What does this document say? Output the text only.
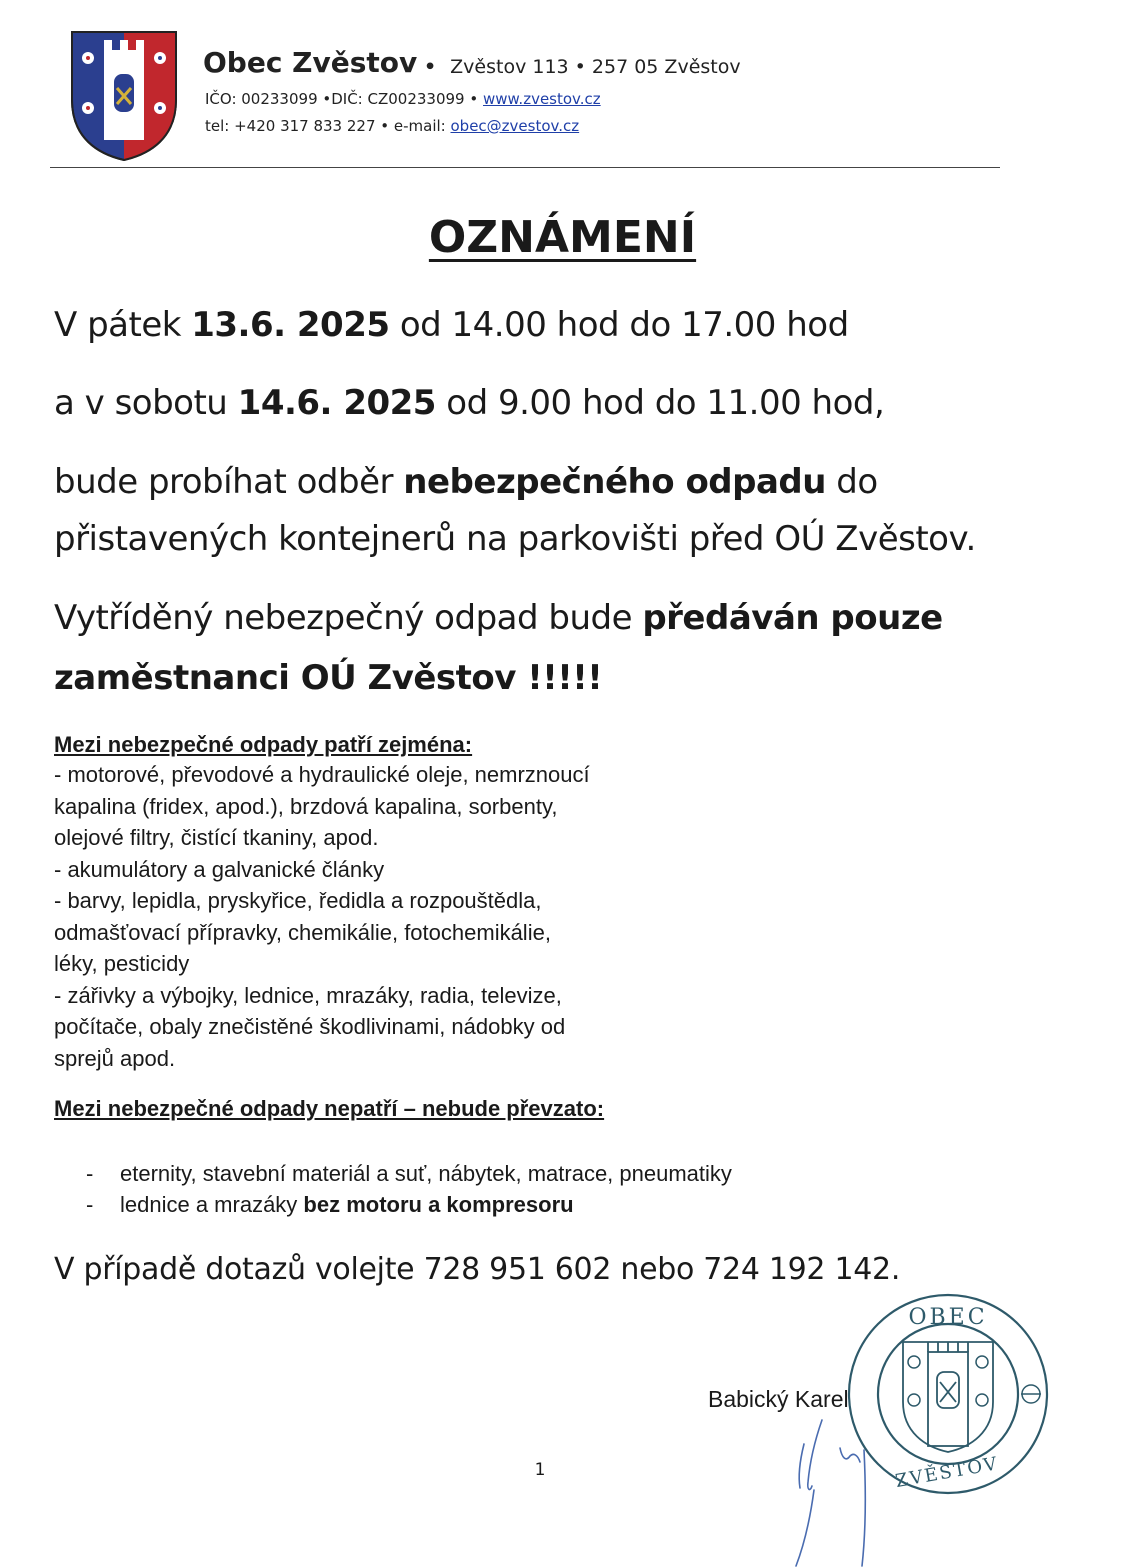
Obec Zvěstov • Zvěstov 113 • 257 05 Zvěstov
IČO: 00233099 •DIČ: CZ00233099 • www.zvestov.cz
tel: +420 317 833 227 • e-mail: obec@zvestov.cz
OZNÁMENÍ
V pátek 13.6. 2025 od 14.00 hod do 17.00 hod
a v sobotu 14.6. 2025 od 9.00 hod do 11.00 hod,
bude probíhat odběr nebezpečného odpadu do
přistavených kontejnerů na parkovišti před OÚ Zvěstov.
Vytříděný nebezpečný odpad bude předáván pouze
zaměstnanci OÚ Zvěstov !!!!!
Mezi nebezpečné odpady patří zejména:
- motorové, převodové a hydraulické oleje, nemrznoucí
kapalina (fridex, apod.), brzdová kapalina, sorbenty,
olejové filtry, čistící tkaniny, apod.
- akumulátory a galvanické články
- barvy, lepidla, pryskyřice, ředidla a rozpouštědla,
odmašťovací přípravky, chemikálie, fotochemikálie,
léky, pesticidy
- zářivky a výbojky, lednice, mrazáky, radia, televize,
počítače, obaly znečistěné škodlivinami, nádobky od
sprejů apod.
Mezi nebezpečné odpady nepatří – nebude převzato:
- eternity, stavební materiál a suť, nábytek, matrace, pneumatiky
- lednice a mrazáky bez motoru a kompresoru
V případě dotazů volejte 728 951 602 nebo 724 192 142.
Babický Karel
OBEC
ZVĚSTOV
1
